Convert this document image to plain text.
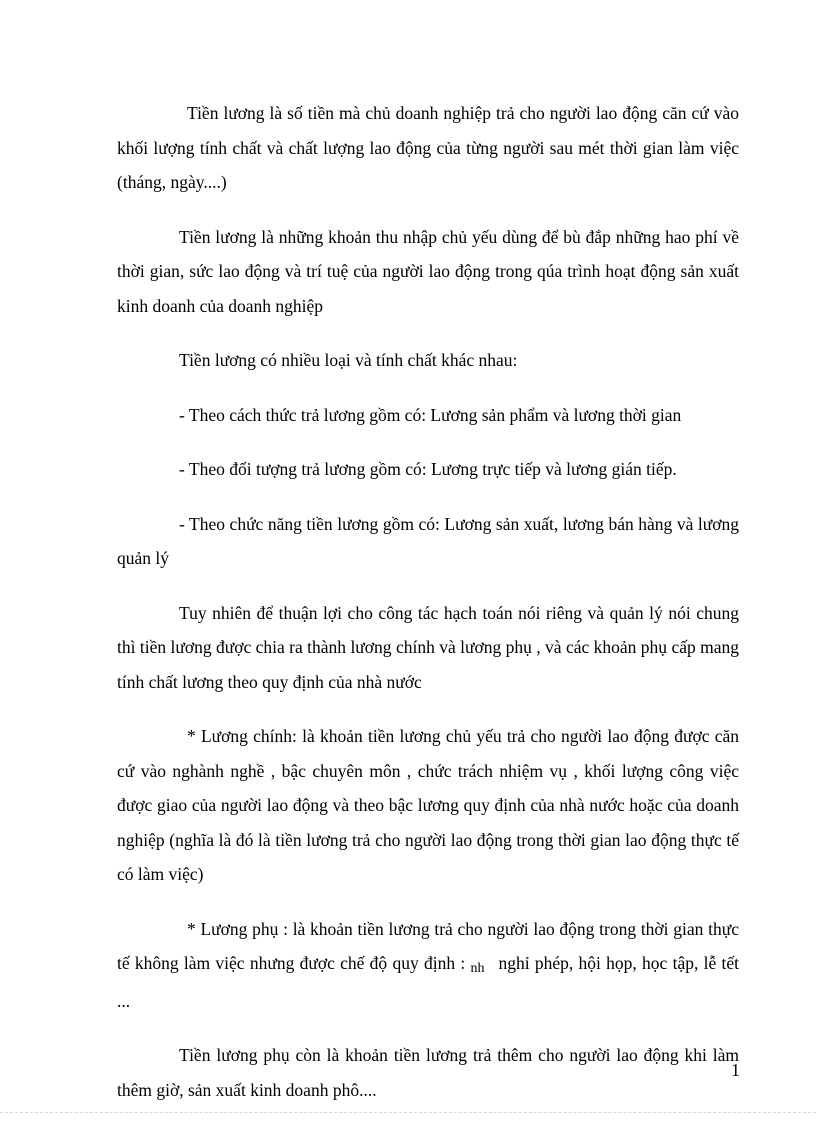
Tiền lương là số tiền mà chủ doanh nghiệp trả cho người lao động căn cứ vào khối lượng tính chất và chất lượng lao động của từng người sau mét thời gian làm việc (tháng, ngày....)

Tiền lương là những khoản thu nhập chủ yếu dùng để bù đắp những hao phí về thời gian, sức lao động và trí tuệ của người lao động trong qúa trình hoạt động sản xuất kinh doanh của doanh nghiệp

Tiền lương có nhiều loại và tính chất khác nhau:

- Theo cách thức trả lương gồm có: Lương sản phẩm và lương thời gian

- Theo đối tượng trả lương gồm có: Lương trực tiếp và lương gián tiếp.

- Theo chức năng tiền lương gồm có: Lương sản xuất, lương bán hàng và lương quản lý

Tuy nhiên để thuận lợi cho công tác hạch toán nói riêng và quản lý nói chung thì tiền lương được chia ra thành lương chính và lương phụ , và các khoản phụ cấp mang tính chất lương theo quy định của nhà nước

* Lương chính: là khoản tiền lương chủ yếu trả cho người lao động được căn cứ vào nghành nghề , bậc chuyên môn , chức trách nhiệm vụ , khối lượng công việc được giao của người lao động và theo bậc lương quy định của nhà nước hoặc của doanh nghiệp (nghĩa là đó là tiền lương trả cho người lao động trong thời gian lao động thực tế có làm việc)

* Lương phụ : là khoản tiền lương trả cho người lao động trong thời gian thực tế không làm việc nhưng được chế độ quy định : nh nghỉ phép, hội họp, học tập, lễ tết ...

Tiền lương phụ còn là khoản tiền lương trả thêm cho người lao động khi làm thêm giờ, sản xuất kinh doanh phô....

1
